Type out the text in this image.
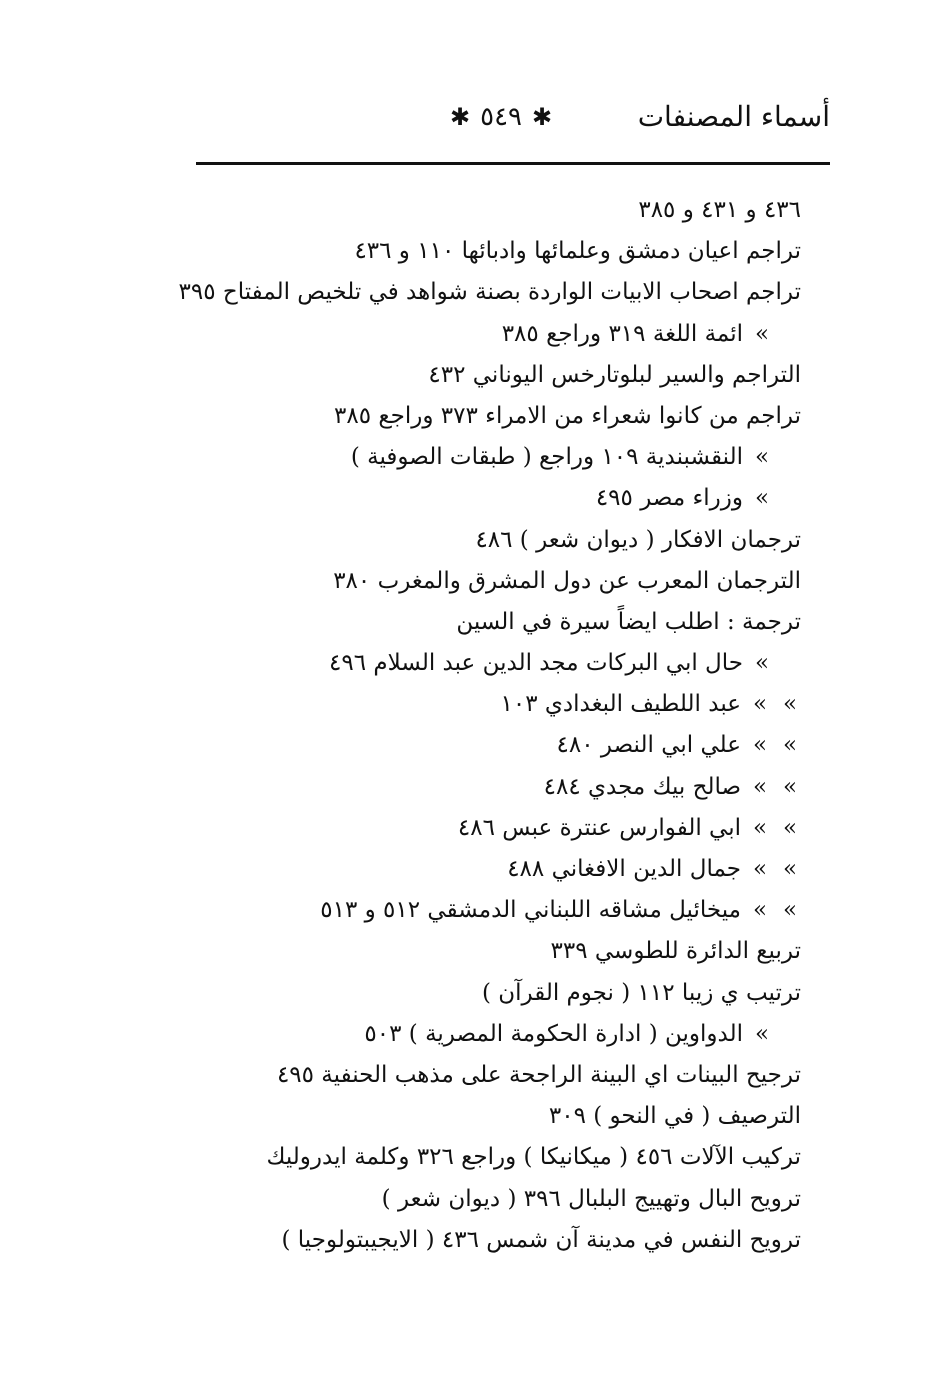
✱
٥٤٩
✱	أسماء المصنفات
٤٣٦ و ٤٣١ و ٣٨٥
تراجم اعيان دمشق وعلمائها وادبائها ١١٠ و ٤٣٦
تراجم اصحاب الابيات الواردة بصنة شواهد في تلخيص المفتاح ٣٩٥
»ائمة اللغة ٣١٩ وراجع ٣٨٥
التراجم والسير لبلوتارخس اليوناني ٤٣٢
تراجم من كانوا شعراء من الامراء ٣٧٣ وراجع ٣٨٥
»النقشبندية ١٠٩ وراجع ( طبقات الصوفية )
»وزراء مصر ٤٩٥
ترجمان الافكار ( ديوان شعر ) ٤٨٦
الترجمان المعرب عن دول المشرق والمغرب ٣٨٠
ترجمة : اطلب ايضاً سيرة في السين
»حال ابي البركات مجد الدين عبد السلام ٤٩٦
»»عبد اللطيف البغدادي ١٠٣
»»علي ابي النصر ٤٨٠
»»صالح بيك مجدي ٤٨٤
»»ابي الفوارس عنترة عبس ٤٨٦
»»جمال الدين الافغاني ٤٨٨
»»ميخائيل مشاقه اللبناني الدمشقي ٥١٢ و ٥١٣
تربيع الدائرة للطوسي ٣٣٩
ترتيب ي زيبا ١١٢ ( نجوم القرآن )
»الدواوين ( ادارة الحكومة المصرية ) ٥٠٣
ترجيح البينات اي البينة الراجحة على مذهب الحنفية ٤٩٥
الترصيف ( في النحو ) ٣٠٩
تركيب الآلات ٤٥٦ ( ميكانيكا ) وراجع ٣٢٦ وكلمة ايدروليك
ترويح البال وتهييج البلبال ٣٩٦ ( ديوان شعر )
ترويح النفس في مدينة آن شمس ٤٣٦ ( الايجيبتولوجيا )
